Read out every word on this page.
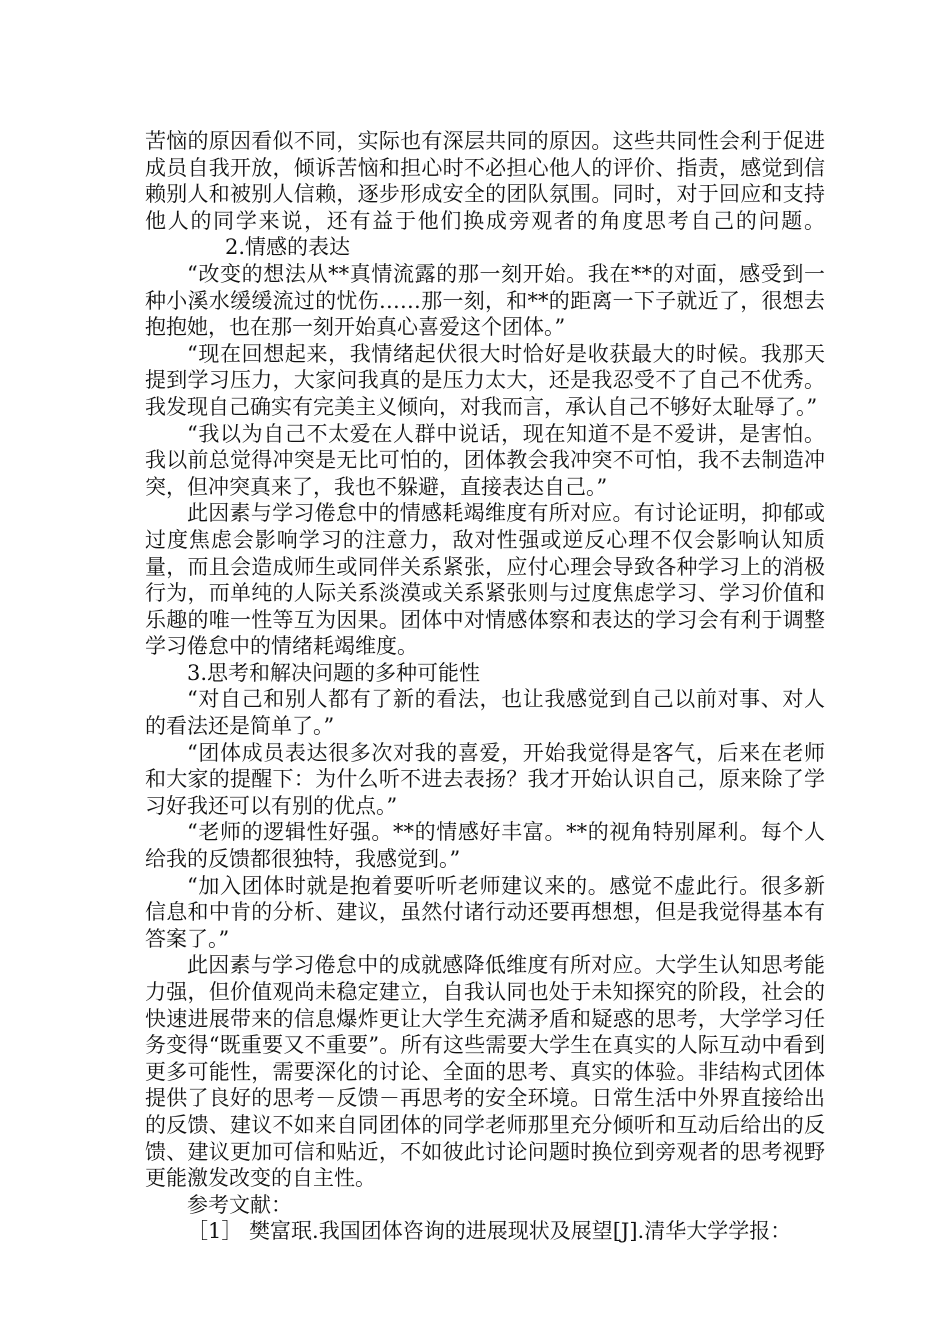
苦恼的原因看似不同，实际也有深层共同的原因。这些共同性会利于促进成员自我开放，倾诉苦恼和担心时不必担心他人的评价、指责，感觉到信赖别人和被别人信赖，逐步形成安全的团队氛围。同时，对于回应和支持他人的同学来说，还有益于他们换成旁观者的角度思考自己的问题。2.情感的表达

“改变的想法从**真情流露的那一刻开始。我在**的对面，感受到一种小溪水缓缓流过的忧伤……那一刻，和**的距离一下子就近了，很想去抱抱她，也在那一刻开始真心喜爱这个团体。”

“现在回想起来，我情绪起伏很大时恰好是收获最大的时候。我那天提到学习压力，大家问我真的是压力太大，还是我忍受不了自己不优秀。我发现自己确实有完美主义倾向，对我而言，承认自己不够好太耻辱了。”

“我以为自己不太爱在人群中说话，现在知道不是不爱讲，是害怕。我以前总觉得冲突是无比可怕的，团体教会我冲突不可怕，我不去制造冲突，但冲突真来了，我也不躲避，直接表达自己。”

此因素与学习倦怠中的情感耗竭维度有所对应。有讨论证明，抑郁或过度焦虑会影响学习的注意力，敌对性强或逆反心理不仅会影响认知质量，而且会造成师生或同伴关系紧张，应付心理会导致各种学习上的消极行为，而单纯的人际关系淡漠或关系紧张则与过度焦虑学习、学习价值和乐趣的唯一性等互为因果。团体中对情感体察和表达的学习会有利于调整学习倦怠中的情绪耗竭维度。

3.思考和解决问题的多种可能性

“对自己和别人都有了新的看法，也让我感觉到自己以前对事、对人的看法还是简单了。”

“团体成员表达很多次对我的喜爱，开始我觉得是客气，后来在老师和大家的提醒下：为什么听不进去表扬？我才开始认识自己，原来除了学习好我还可以有别的优点。”

“老师的逻辑性好强。**的情感好丰富。**的视角特别犀利。每个人给我的反馈都很独特，我感觉到。”

“加入团体时就是抱着要听听老师建议来的。感觉不虚此行。很多新信息和中肯的分析、建议，虽然付诸行动还要再想想，但是我觉得基本有答案了。”

此因素与学习倦怠中的成就感降低维度有所对应。大学生认知思考能力强，但价值观尚未稳定建立，自我认同也处于未知探究的阶段，社会的快速进展带来的信息爆炸更让大学生充满矛盾和疑惑的思考，大学学习任务变得“既重要又不重要”。所有这些需要大学生在真实的人际互动中看到更多可能性，需要深化的讨论、全面的思考、真实的体验。非结构式团体提供了良好的思考－反馈－再思考的安全环境。日常生活中外界直接给出的反馈、建议不如来自同团体的同学老师那里充分倾听和互动后给出的反馈、建议更加可信和贴近，不如彼此讨论问题时换位到旁观者的思考视野更能激发改变的自主性。

参考文献：

［1］ 樊富珉.我国团体咨询的进展现状及展望[J].清华大学学报：
